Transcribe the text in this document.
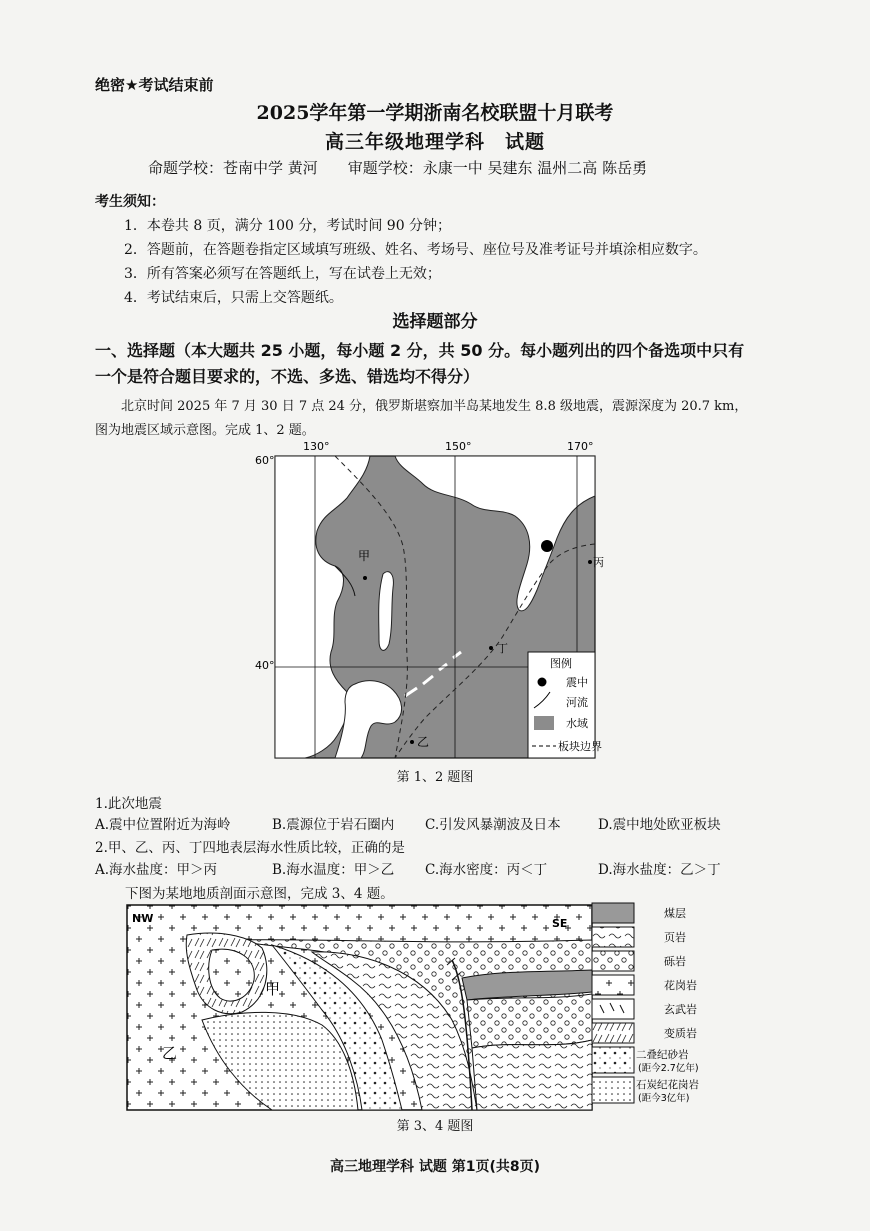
绝密★考试结束前
2025学年第一学期浙南名校联盟十月联考
高三年级地理学科　试题
命题学校：苍南中学 黄河　　审题学校：永康一中 吴建东 温州二高 陈岳勇
考生须知：
1．本卷共 8 页，满分 100 分，考试时间 90 分钟；
2．答题前，在答题卷指定区域填写班级、姓名、考场号、座位号及准考证号并填涂相应数字。
3．所有答案必须写在答题纸上，写在试卷上无效；
4．考试结束后，只需上交答题纸。
选择题部分
一、选择题（本大题共 25 小题，每小题 2 分，共 50 分。每小题列出的四个备选项中只有一个是符合题目要求的，不选、多选、错选均不得分）
北京时间 2025 年 7 月 30 日 7 点 24 分，俄罗斯堪察加半岛某地发生 8.8 级地震，震源深度为 20.7 km，图为地震区域示意图。完成 1、2 题。
130°	150°	170°
60°
40°
甲
乙
丙
丁
图例
震中
河流
水域
板块边界
第 1、2 题图
1.此次地震
A.震中位置附近为海岭	B.震源位于岩石圈内 C.引发风暴潮波及日本	D.震中地处欧亚板块
2.甲、乙、丙、丁四地表层海水性质比较，正确的是
A.海水盐度：甲＞丙	B.海水温度：甲＞乙 C.海水密度：丙＜丁	D.海水盐度：乙＞丁
下图为某地地质剖面示意图，完成 3、4 题。
NW	SE
甲
乙
煤层
页岩
砾岩
花岗岩
玄武岩
变质岩
二叠纪砂岩
(距今2.7亿年)
石炭纪花岗岩
(距今3亿年)
第 3、4 题图
高三地理学科 试题 第1页(共8页)
